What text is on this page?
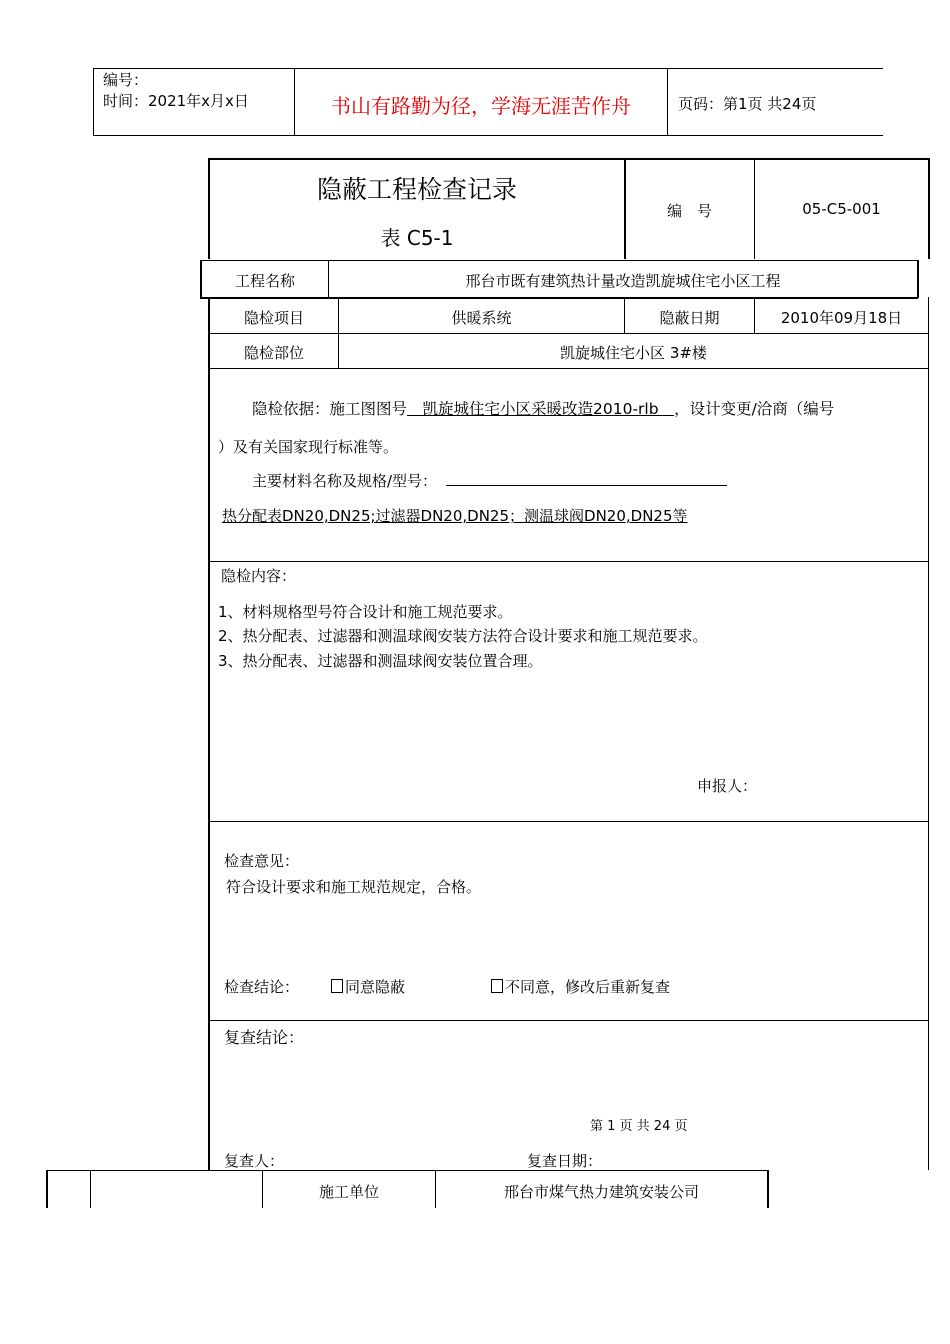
编号：
时间：2021年x月x日	书山有路勤为径，学海无涯苦作舟	页码：第1页 共24页
隐蔽工程检查记录
表 C5-1
编　号	05-C5-001
工程名称	邢台市既有建筑热计量改造凯旋城住宅小区工程
隐检项目	供暖系统	隐蔽日期	2010年09月18日
隐检部位	凯旋城住宅小区 3#楼
隐检依据：施工图图号　凯旋城住宅小区采暖改造2010-rlb　，设计变更/洽商（编号
）及有关国家现行标准等。
主要材料名称及规格/型号：
热分配表DN20,DN25;过滤器DN20,DN25；测温球阀DN20,DN25等
隐检内容：
1、材料规格型号符合设计和施工规范要求。
2、热分配表、过滤器和测温球阀安装方法符合设计要求和施工规范要求。
3、热分配表、过滤器和测温球阀安装位置合理。
申报人：
检查意见：
符合设计要求和施工规范规定，合格。
检查结论：	同意隐蔽	不同意，修改后重新复查
复查结论：
第 1 页 共 24 页
复查人：	复查日期：
施工单位	邢台市煤气热力建筑安装公司
